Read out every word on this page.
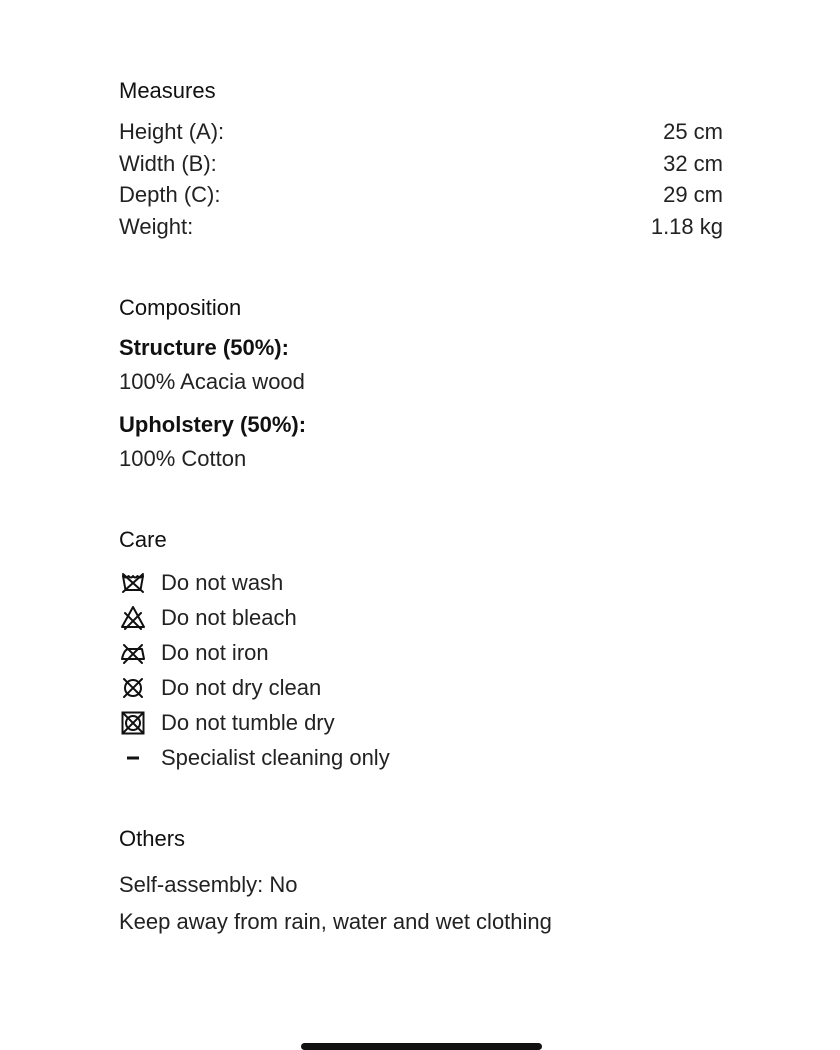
Measures
Height (A):	25 cm
Width (B):	32 cm
Depth (C):	29 cm
Weight:	1.18 kg
Composition
Structure (50%):
100% Acacia wood
Upholstery (50%):
100% Cotton
Care
Do not wash
Do not bleach
Do not iron
Do not dry clean
Do not tumble dry
Specialist cleaning only
Others
Self-assembly: No
Keep away from rain, water and wet clothing
